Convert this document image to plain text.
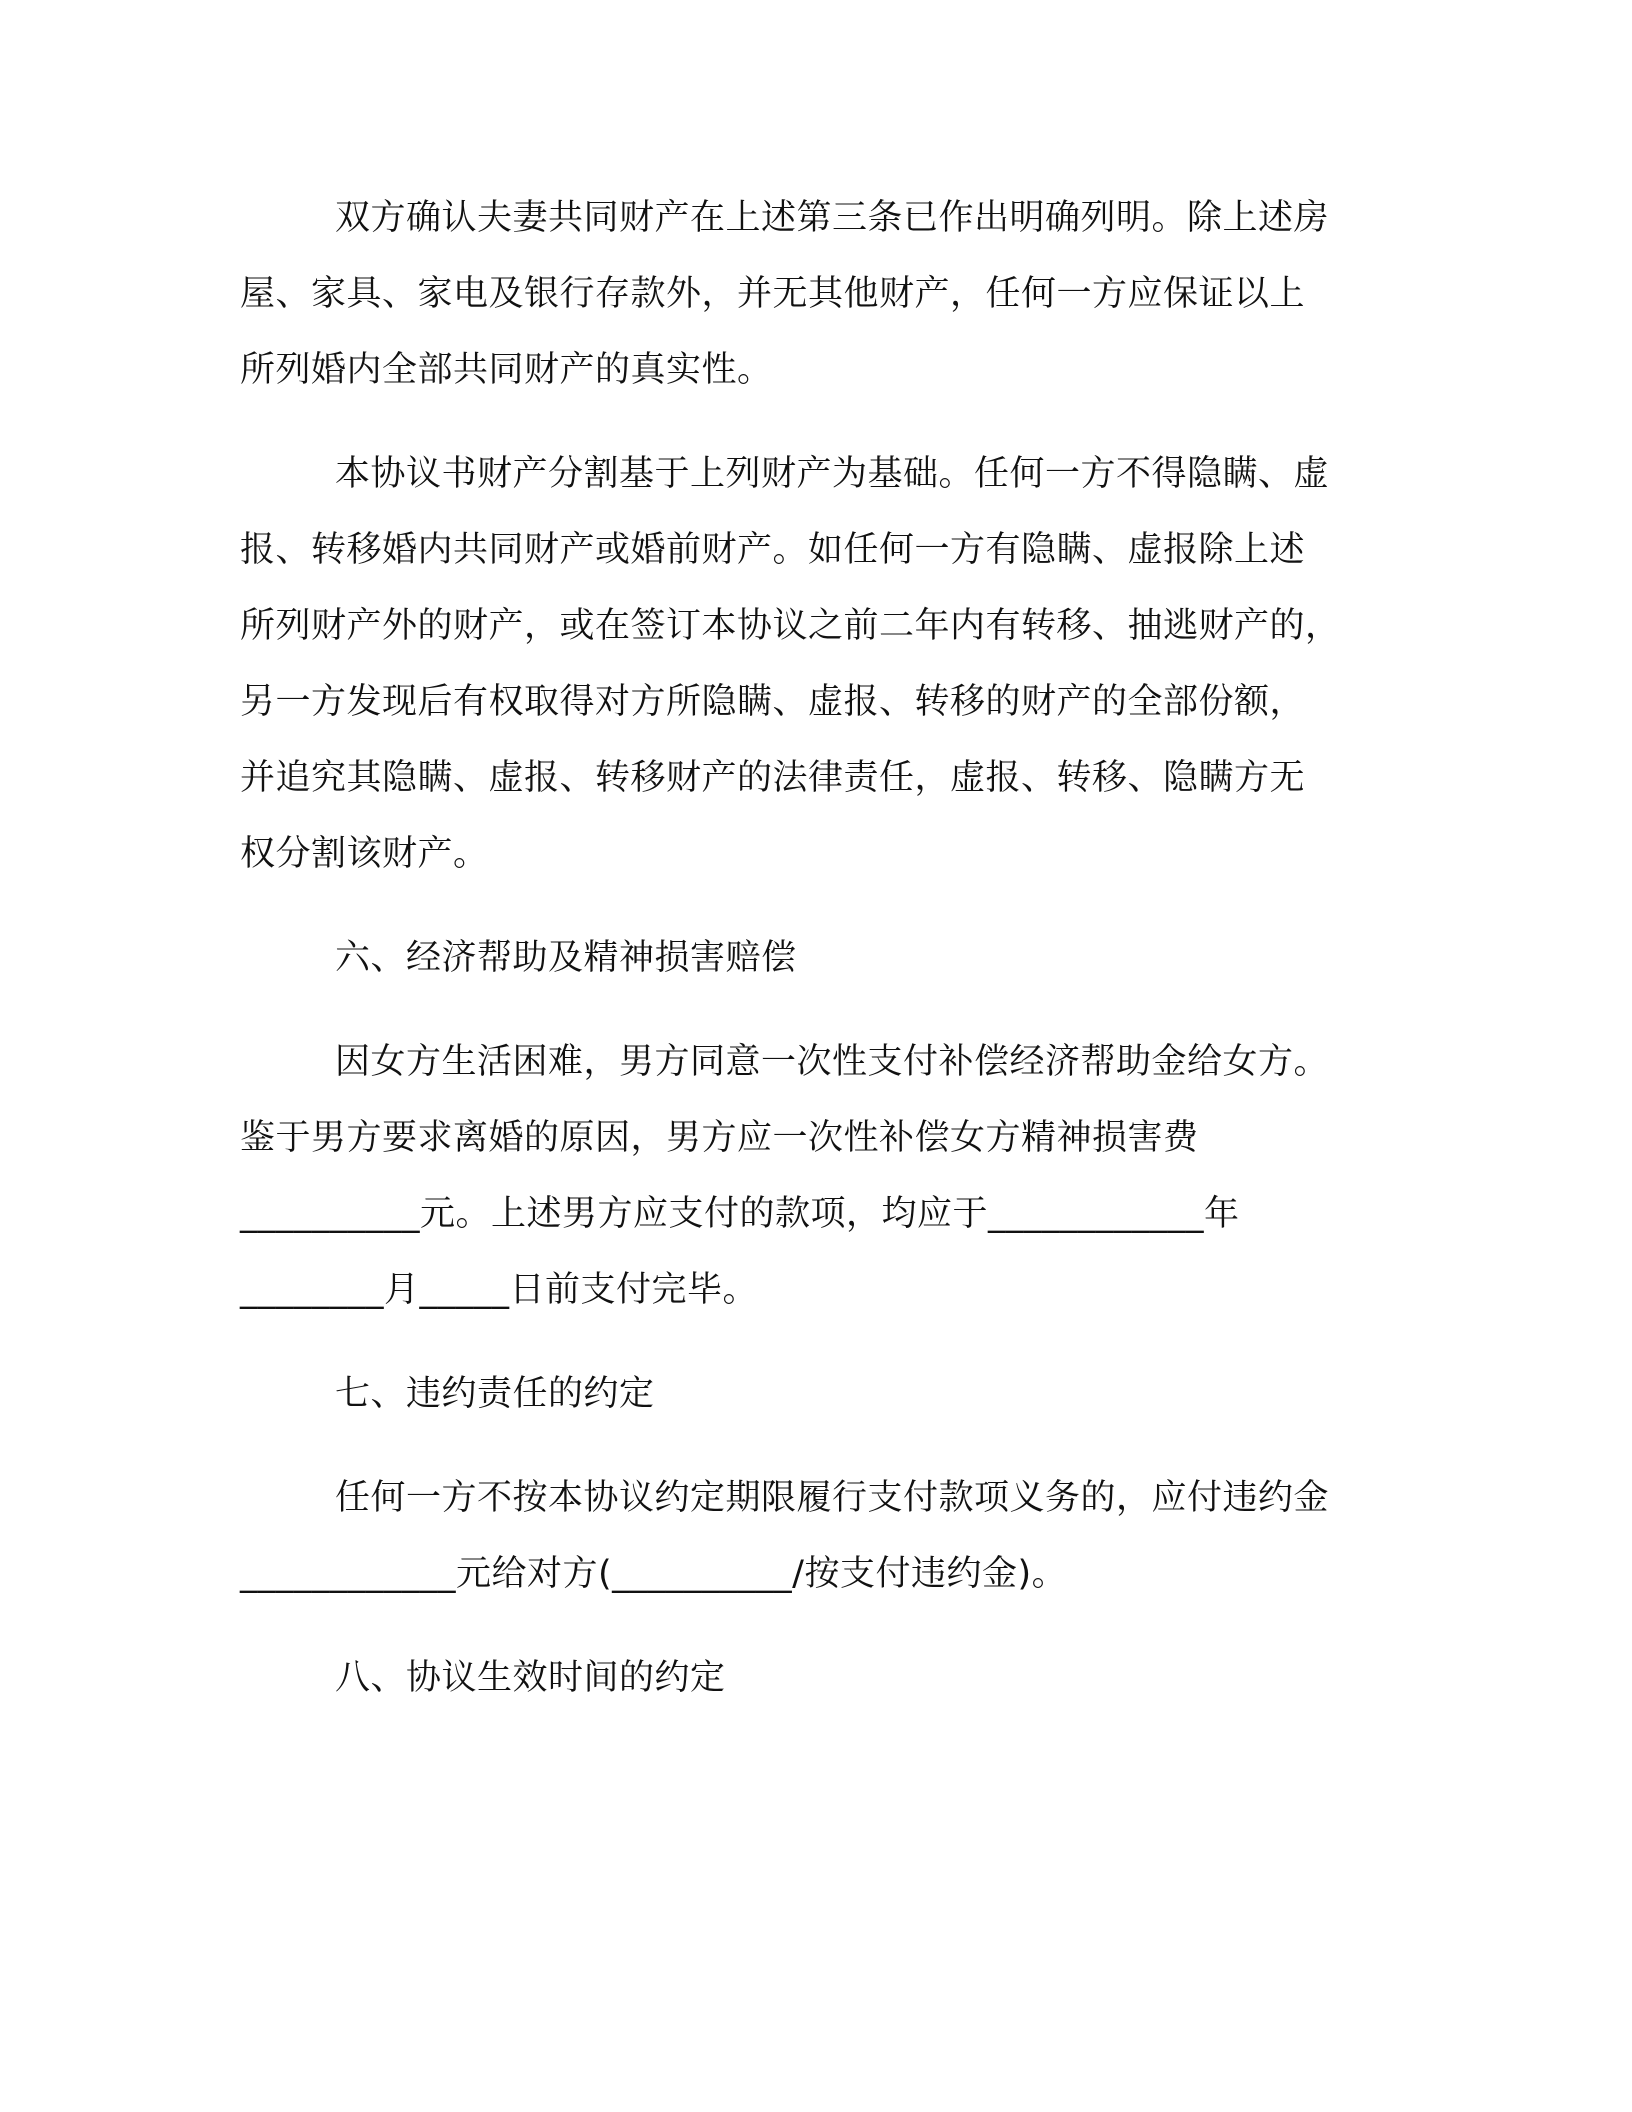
双方确认夫妻共同财产在上述第三条已作出明确列明。除上述房
屋、家具、家电及银行存款外，并无其他财产，任何一方应保证以上
所列婚内全部共同财产的真实性。
本协议书财产分割基于上列财产为基础。任何一方不得隐瞒、虚
报、转移婚内共同财产或婚前财产。如任何一方有隐瞒、虚报除上述
所列财产外的财产，或在签订本协议之前二年内有转移、抽逃财产的，
另一方发现后有权取得对方所隐瞒、虚报、转移的财产的全部份额，
并追究其隐瞒、虚报、转移财产的法律责任，虚报、转移、隐瞒方无
权分割该财产。
六、经济帮助及精神损害赔偿
因女方生活困难，男方同意一次性支付补偿经济帮助金给女方。
鉴于男方要求离婚的原因，男方应一次性补偿女方精神损害费
__________元。上述男方应支付的款项，均应于____________年
________月_____日前支付完毕。
七、违约责任的约定
任何一方不按本协议约定期限履行支付款项义务的，应付违约金
____________元给对方(__________/按支付违约金)。
八、协议生效时间的约定
